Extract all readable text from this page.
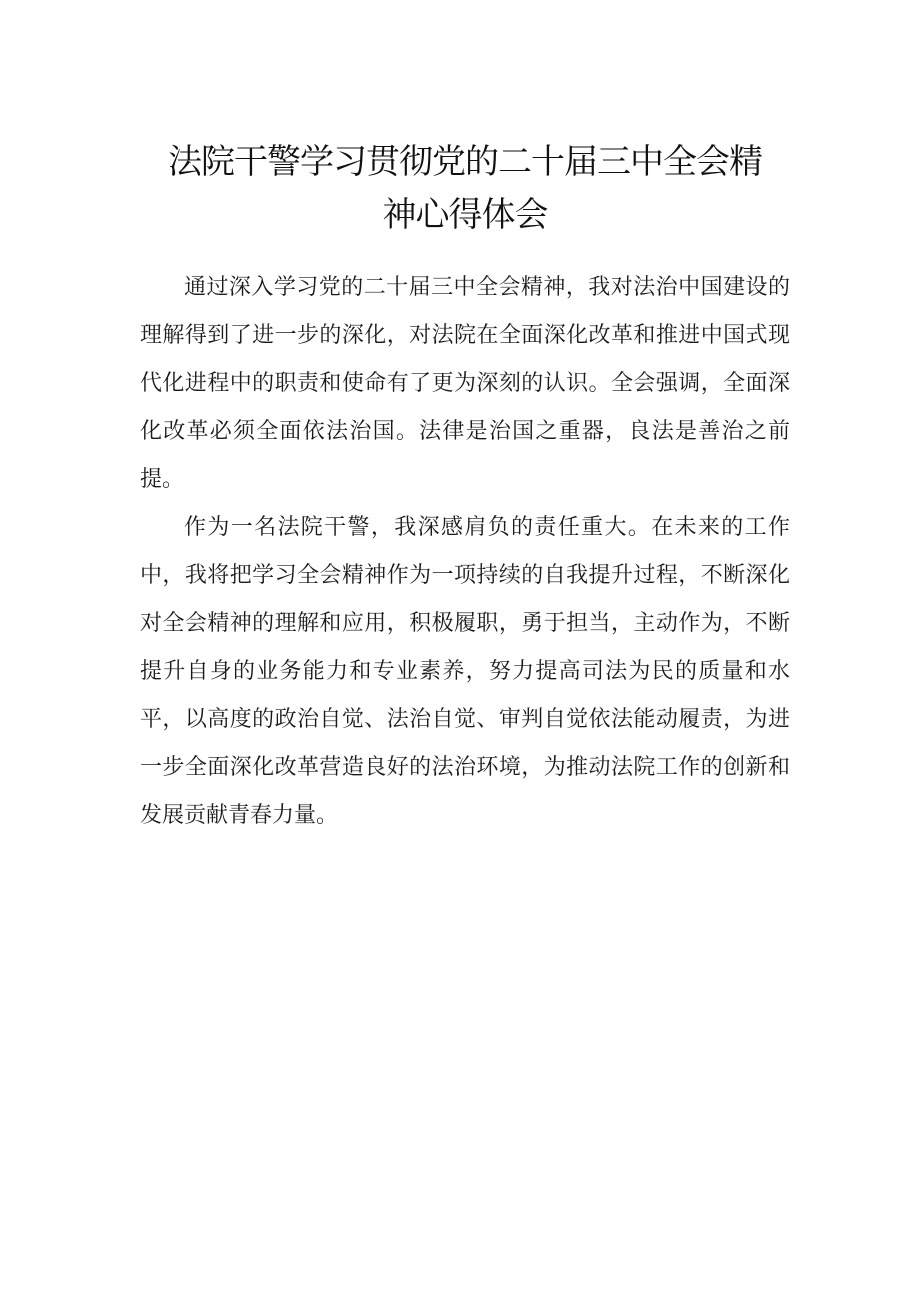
法院干警学习贯彻党的二十届三中全会精
神心得体会

通过深入学习党的二十届三中全会精神，我对法治中国建设的理解得到了进一步的深化，对法院在全面深化改革和推进中国式现代化进程中的职责和使命有了更为深刻的认识。全会强调，全面深化改革必须全面依法治国。法律是治国之重器，良法是善治之前提。

作为一名法院干警，我深感肩负的责任重大。在未来的工作中，我将把学习全会精神作为一项持续的自我提升过程，不断深化对全会精神的理解和应用，积极履职，勇于担当，主动作为，不断提升自身的业务能力和专业素养，努力提高司法为民的质量和水平，以高度的政治自觉、法治自觉、审判自觉依法能动履责，为进一步全面深化改革营造良好的法治环境，为推动法院工作的创新和发展贡献青春力量。
